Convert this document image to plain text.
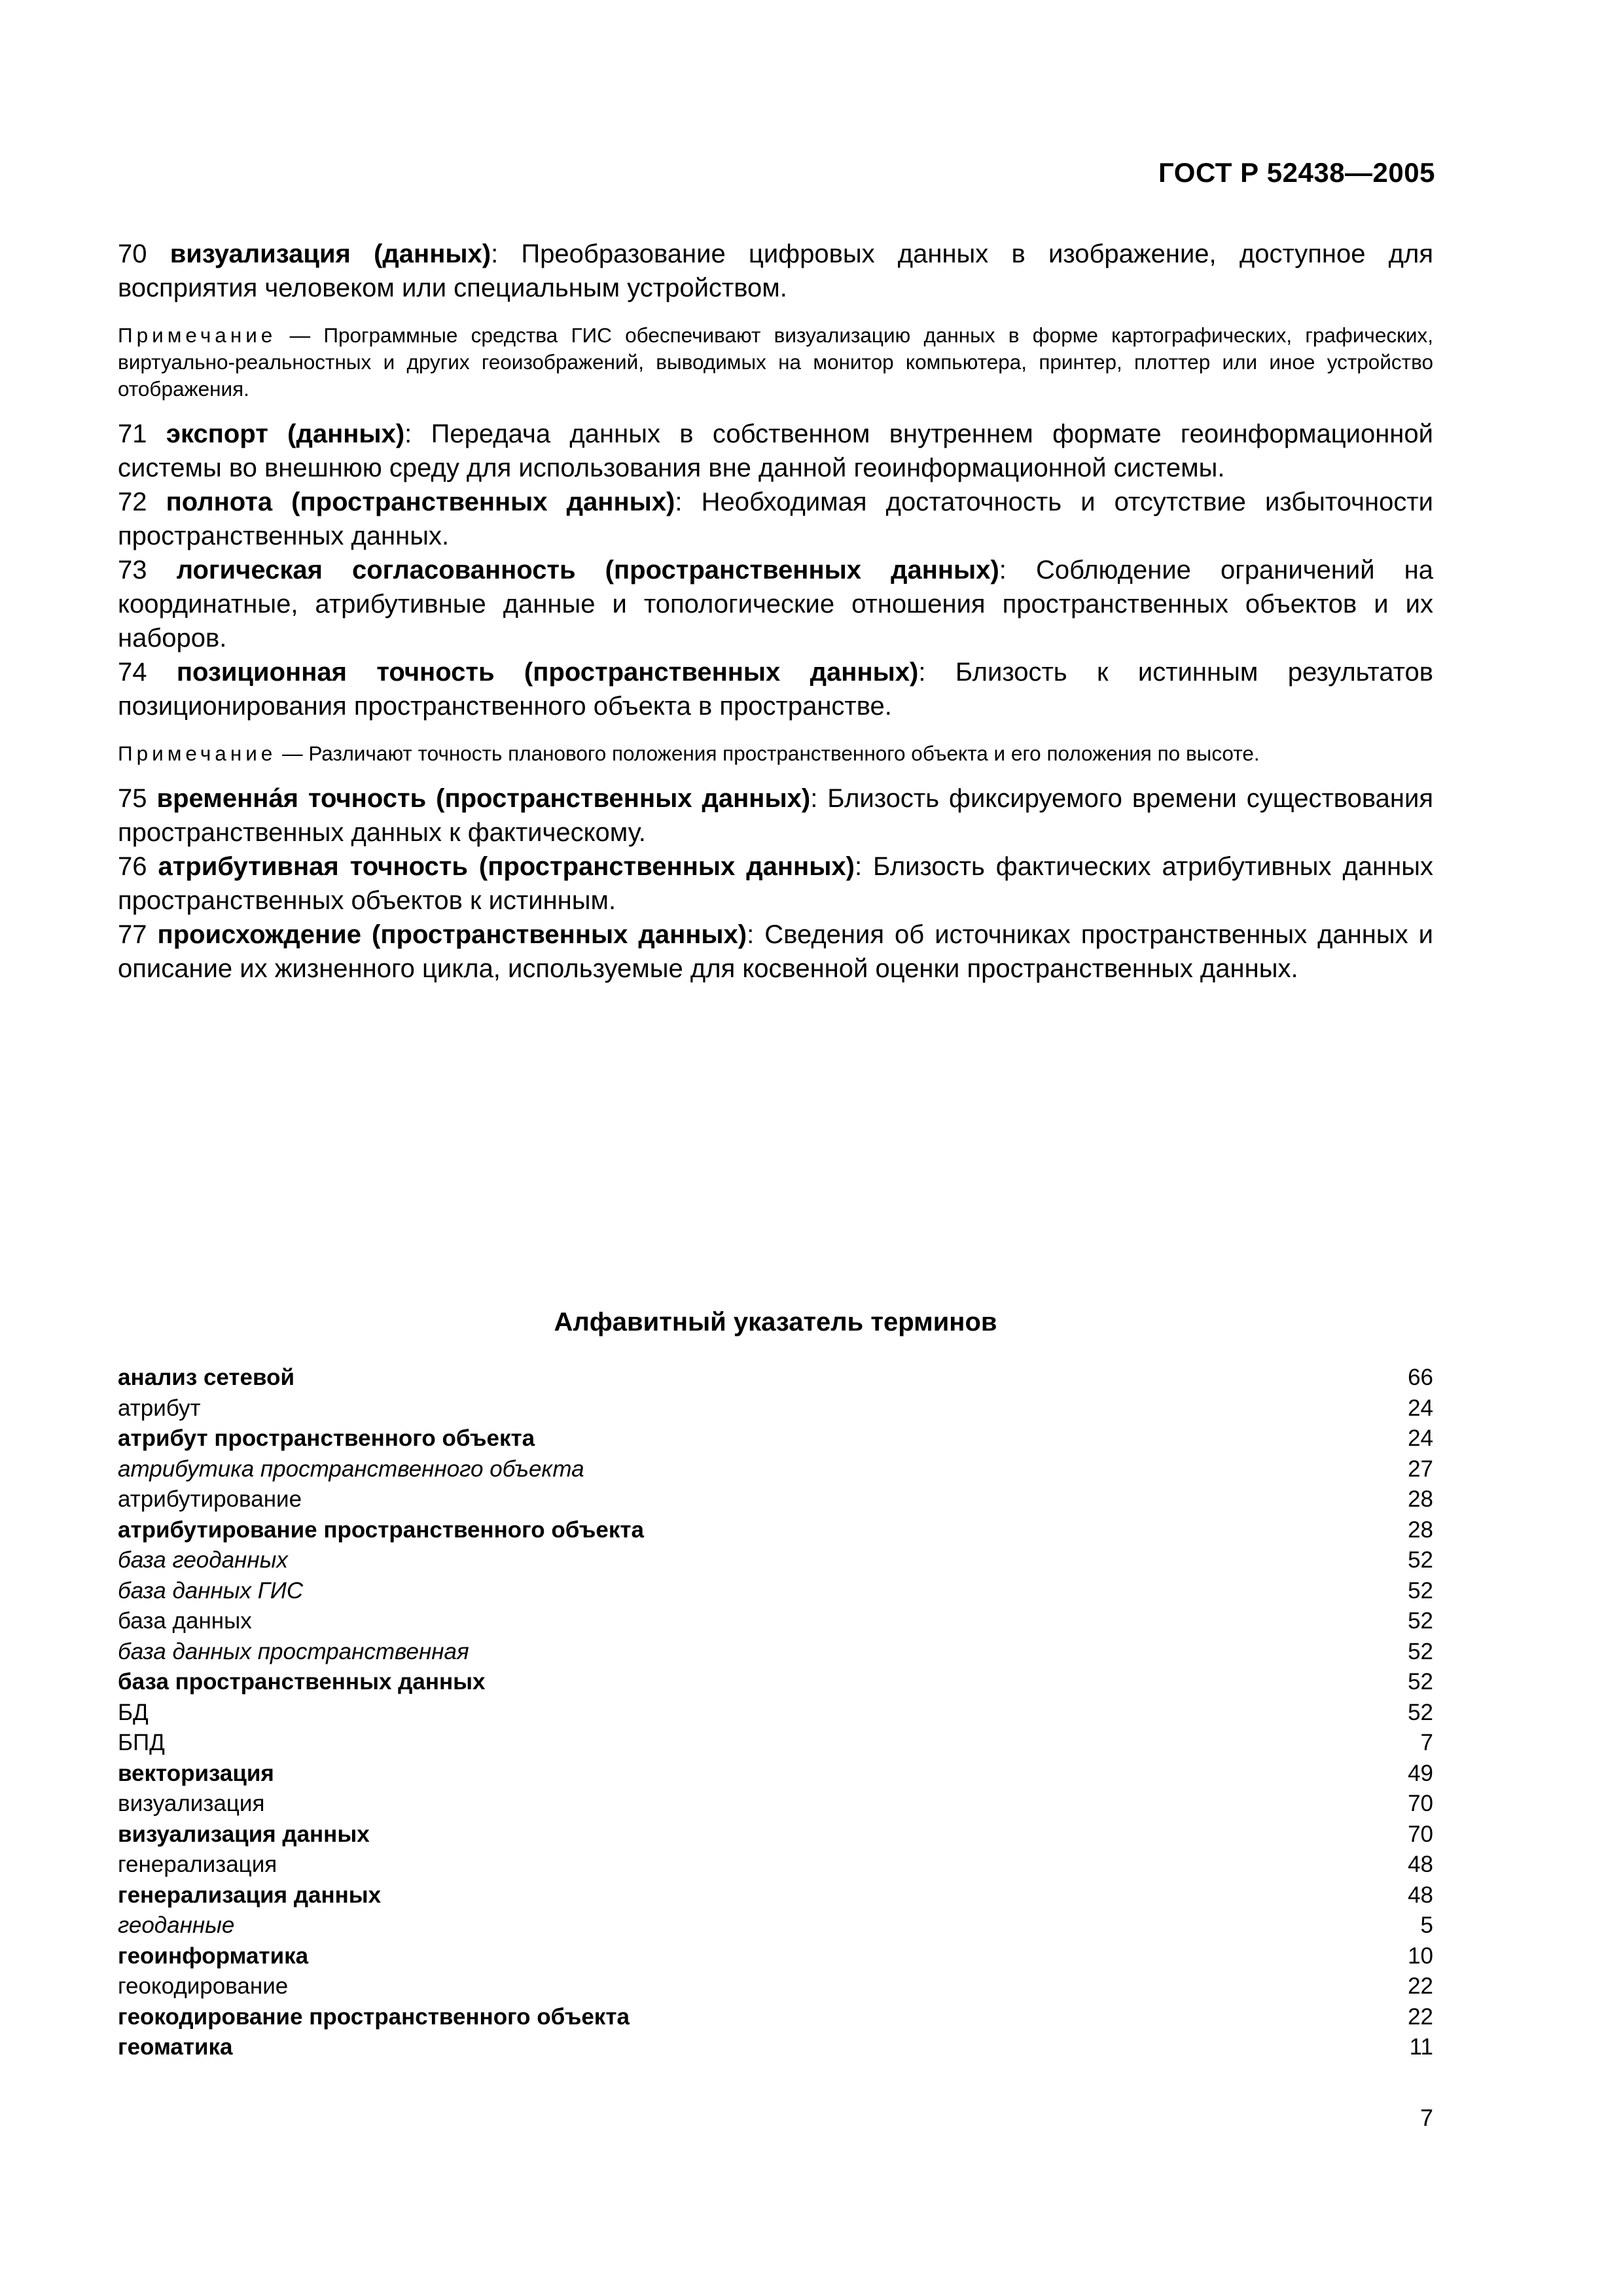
ГОСТ Р 52438—2005

70 визуализация (данных): Преобразование цифровых данных в изображение, доступное для восприятия человеком или специальным устройством.

Примечание — Программные средства ГИС обеспечивают визуализацию данных в форме картографических, графических, виртуально-реальностных и других геоизображений, выводимых на монитор компьютера, принтер, плоттер или иное устройство отображения.

71 экспорт (данных): Передача данных в собственном внутреннем формате геоинформационной системы во внешнюю среду для использования вне данной геоинформационной системы.

72 полнота (пространственных данных): Необходимая достаточность и отсутствие избыточности пространственных данных.

73 логическая согласованность (пространственных данных): Соблюдение ограничений на координатные, атрибутивные данные и топологические отношения пространственных объектов и их наборов.

74 позиционная точность (пространственных данных): Близость к истинным результатов позиционирования пространственного объекта в пространстве.

Примечание — Различают точность планового положения пространственного объекта и его положения по высоте.

75 временна́я точность (пространственных данных): Близость фиксируемого времени существования пространственных данных к фактическому.

76 атрибутивная точность (пространственных данных): Близость фактических атрибутивных данных пространственных объектов к истинным.

77 происхождение (пространственных данных): Сведения об источниках пространственных данных и описание их жизненного цикла, используемые для косвенной оценки пространственных данных.

Алфавитный указатель терминов
анализ сетевой	66
атрибут	24
атрибут пространственного объекта	24
атрибутика пространственного объекта	27
атрибутирование	28
атрибутирование пространственного объекта	28
база геоданных	52
база данных ГИС	52
база данных	52
база данных пространственная	52
база пространственных данных	52
БД	52
БПД	7
векторизация	49
визуализация	70
визуализация данных	70
генерализация	48
генерализация данных	48
геоданные	5
геоинформатика	10
геокодирование	22
геокодирование пространственного объекта	22
геоматика	11
7
